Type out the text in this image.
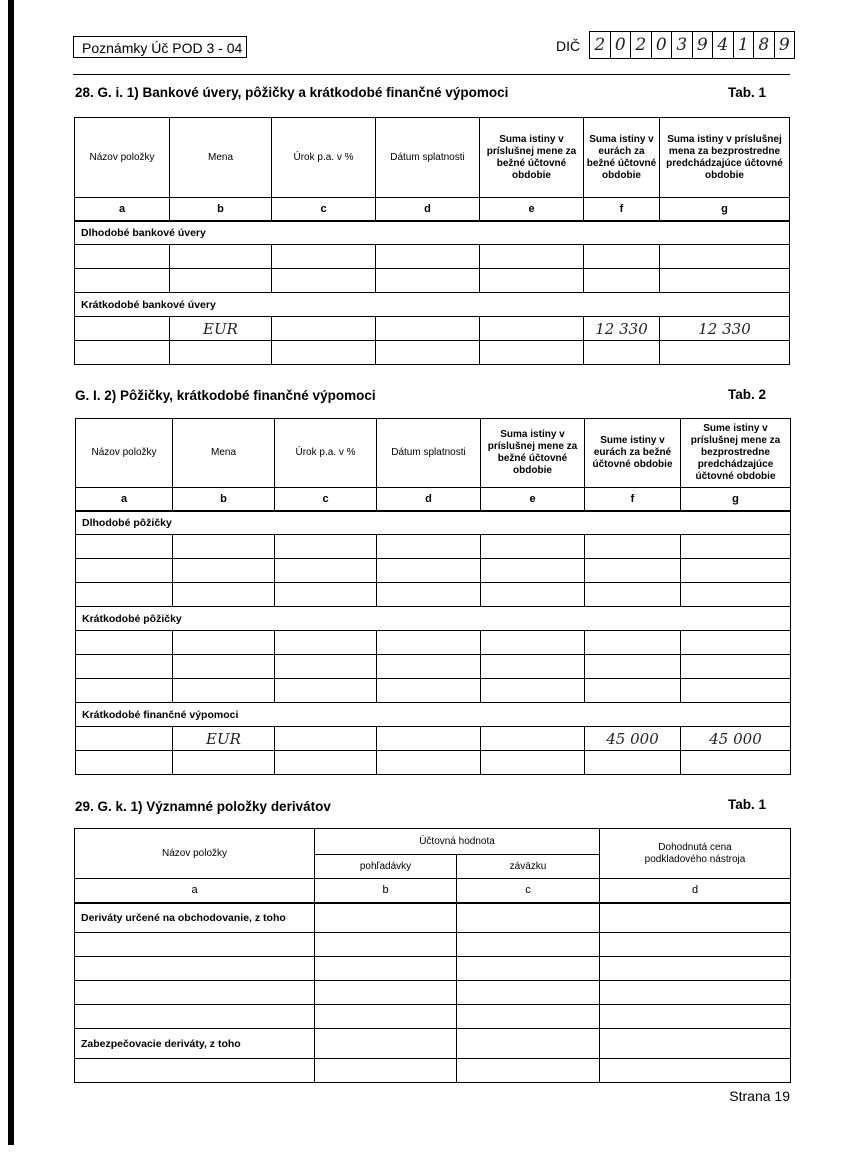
Poznámky Úč POD 3 - 04	DIČ 2 0 2 0 3 9 4 1 8 9
28. G. i. 1) Bankové úvery, pôžičky a krátkodobé finančné výpomoci	Tab. 1
Názov položky	Mena	Úrok p.a. v %	Dátum splatnosti	Suma istiny v príslušnej mene za bežné účtovné obdobie	Suma istiny v eurách za bežné účtovné obdobie	Suma istiny v príslušnej mena za bezprostredne predchádzajúce účtovné obdobie
a	b	c	d	e	f	g
Dlhodobé bankové úvery						

Krátkodobé bankové úvery						
	EUR				12 330	12 330

G. I. 2) Pôžičky, krátkodobé finančné výpomoci	Tab. 2
Názov položky	Mena	Úrok p.a. v %	Dátum splatnosti	Suma istiny v príslušnej mene za bežné účtovné obdobie	Sume istiny v eurách za bežné účtovné obdobie	Sume istiny v príslušnej mene za bezprostredne predchádzajúce účtovné obdobie
a	b	c	d	e	f	g
Dlhodobé pôžičky						

Krátkodobé pôžičky						

Krátkodobé finančné výpomoci						
	EUR				45 000	45 000

29. G. k. 1) Významné položky derivátov	Tab. 1
Názov položky	Účtovná hodnota		Dohodnutá cena podkladového nástroja
	pohľadávky	záväzku	
a	b	c	d
Deriváty určené na obchodovanie, z toho			

Zabezpečovacie deriváty, z toho			

Strana 19
